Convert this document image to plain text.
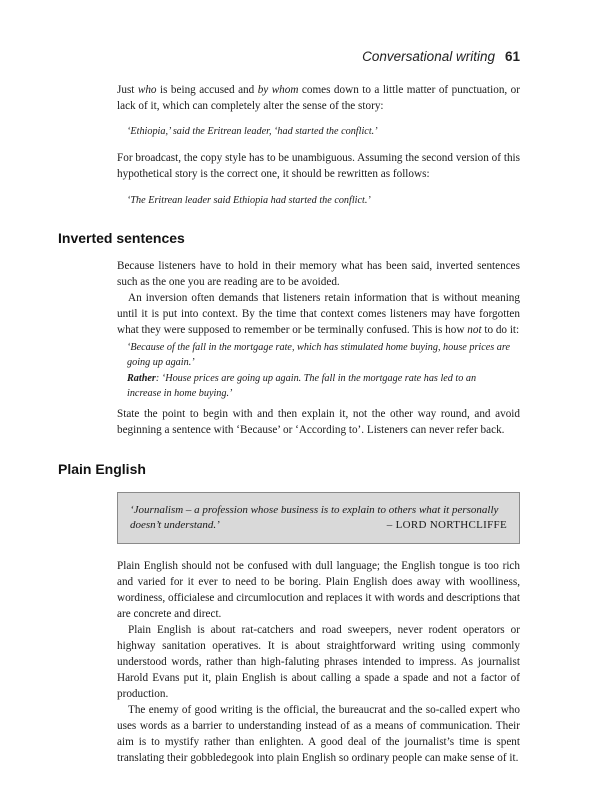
Conversational writing 61

Just who is being accused and by whom comes down to a little matter of punctuation, or lack of it, which can completely alter the sense of the story:

‘Ethiopia,’ said the Eritrean leader, ‘had started the conflict.’

For broadcast, the copy style has to be unambiguous. Assuming the second version of this hypothetical story is the correct one, it should be rewritten as follows:

‘The Eritrean leader said Ethiopia had started the conflict.’

Inverted sentences

Because listeners have to hold in their memory what has been said, inverted sentences such as the one you are reading are to be avoided.

An inversion often demands that listeners retain information that is without meaning until it is put into context. By the time that context comes listeners may have forgotten what they were supposed to remember or be terminally confused. This is how not to do it:

‘Because of the fall in the mortgage rate, which has stimulated home buying, house prices are going up again.’

Rather: ‘House prices are going up again. The fall in the mortgage rate has led to an increase in home buying.’

State the point to begin with and then explain it, not the other way round, and avoid beginning a sentence with ‘Because’ or ‘According to’. Listeners can never refer back.

Plain English
‘Journalism – a profession whose business is to explain to others what it personally doesn’t understand.’	– LORD NORTHCLIFFE

Plain English should not be confused with dull language; the English tongue is too rich and varied for it ever to need to be boring. Plain English does away with woolliness, wordiness, officialese and circumlocution and replaces it with words and descriptions that are concrete and direct.

Plain English is about rat-catchers and road sweepers, never rodent operators or highway sanitation operatives. It is about straightforward writing using commonly understood words, rather than high-faluting phrases intended to impress. As journalist Harold Evans put it, plain English is about calling a spade a spade and not a factor of production.

The enemy of good writing is the official, the bureaucrat and the so-called expert who uses words as a barrier to understanding instead of as a means of communication. Their aim is to mystify rather than enlighten. A good deal of the journalist’s time is spent translating their gobbledegook into plain English so ordinary people can make sense of it.
